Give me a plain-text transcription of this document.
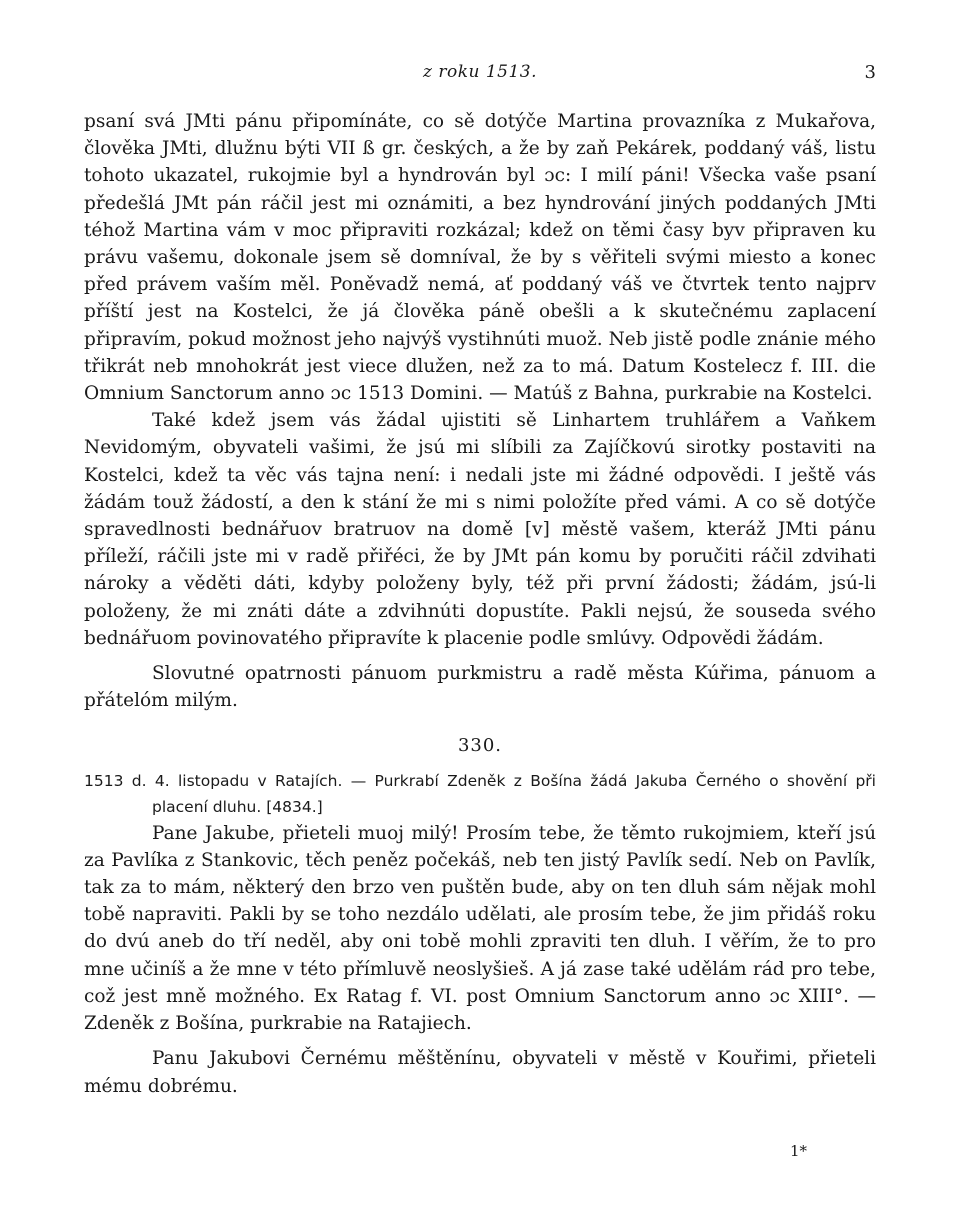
z roku 1513.	3

psaní svá JMti pánu připomínáte, co sě dotýče Martina provazníka z Mukařova, člověka JMti, dlužnu býti VII ß gr. českých, a že by zaň Pekárek, poddaný váš, listu tohoto ukazatel, rukojmie byl a hyndrován byl ɔc: I milí páni! Všecka vaše psaní předešlá JMt pán ráčil jest mi oznámiti, a bez hyndrování jiných poddaných JMti téhož Martina vám v moc připraviti rozkázal; kdež on těmi časy byv připraven ku právu vašemu, dokonale jsem sě domníval, že by s věřiteli svými miesto a konec před právem vaším měl. Poněvadž nemá, ať poddaný váš ve čtvrtek tento najprv příští jest na Kostelci, že já člověka páně obešli a k skutečnému zaplacení připravím, pokud možnost jeho najvýš vystihnúti muož. Neb jistě podle znánie mého třikrát neb mnohokrát jest viece dlužen, než za to má. Datum Kostelecz f. III. die Omnium Sanctorum anno ɔc 1513 Domini. — Matúš z Bahna, purkrabie na Kostelci.

Také kdež jsem vás žádal ujistiti sě Linhartem truhlářem a Vaňkem Nevidomým, obyvateli vašimi, že jsú mi slíbili za Zajíčkovú sirotky postaviti na Kostelci, kdež ta věc vás tajna není: i nedali jste mi žádné odpovědi. I ještě vás žádám touž žádostí, a den k stání že mi s nimi položíte před vámi. A co sě dotýče spravedlnosti bednářuov bratruov na domě [v] městě vašem, kteráž JMti pánu příleží, ráčili jste mi v radě přiřéci, že by JMt pán komu by poručiti ráčil zdvihati nároky a věděti dáti, kdyby položeny byly, též při první žádosti; žádám, jsú-li položeny, že mi znáti dáte a zdvihnúti dopustíte. Pakli nejsú, že souseda svého bednářuom povinovatého připravíte k placenie podle smlúvy. Odpovědi žádám.

Slovutné opatrnosti pánuom purkmistru a radě města Kúřima, pánuom a přátelóm milým.

330.

1513 d. 4. listopadu v Ratajích. — Purkrabí Zdeněk z Bošína žádá Jakuba Černého o shovění při placení dluhu. [4834.]

Pane Jakube, přieteli muoj milý! Prosím tebe, že těmto rukojmiem, kteří jsú za Pavlíka z Stankovic, těch peněz počekáš, neb ten jistý Pavlík sedí. Neb on Pavlík, tak za to mám, některý den brzo ven puštěn bude, aby on ten dluh sám nějak mohl tobě napraviti. Pakli by se toho nezdálo udělati, ale prosím tebe, že jim přidáš roku do dvú aneb do tří neděl, aby oni tobě mohli zpraviti ten dluh. I věřím, že to pro mne učiníš a že mne v této přímluvě neoslyšieš. A já zase také udělám rád pro tebe, což jest mně možného. Ex Ratag f. VI. post Omnium Sanctorum anno ɔc XIII°. — Zdeněk z Bošína, purkrabie na Ratajiech.

Panu Jakubovi Černému měštěnínu, obyvateli v městě v Kouřimi, přieteli mému dobrému.

1*
